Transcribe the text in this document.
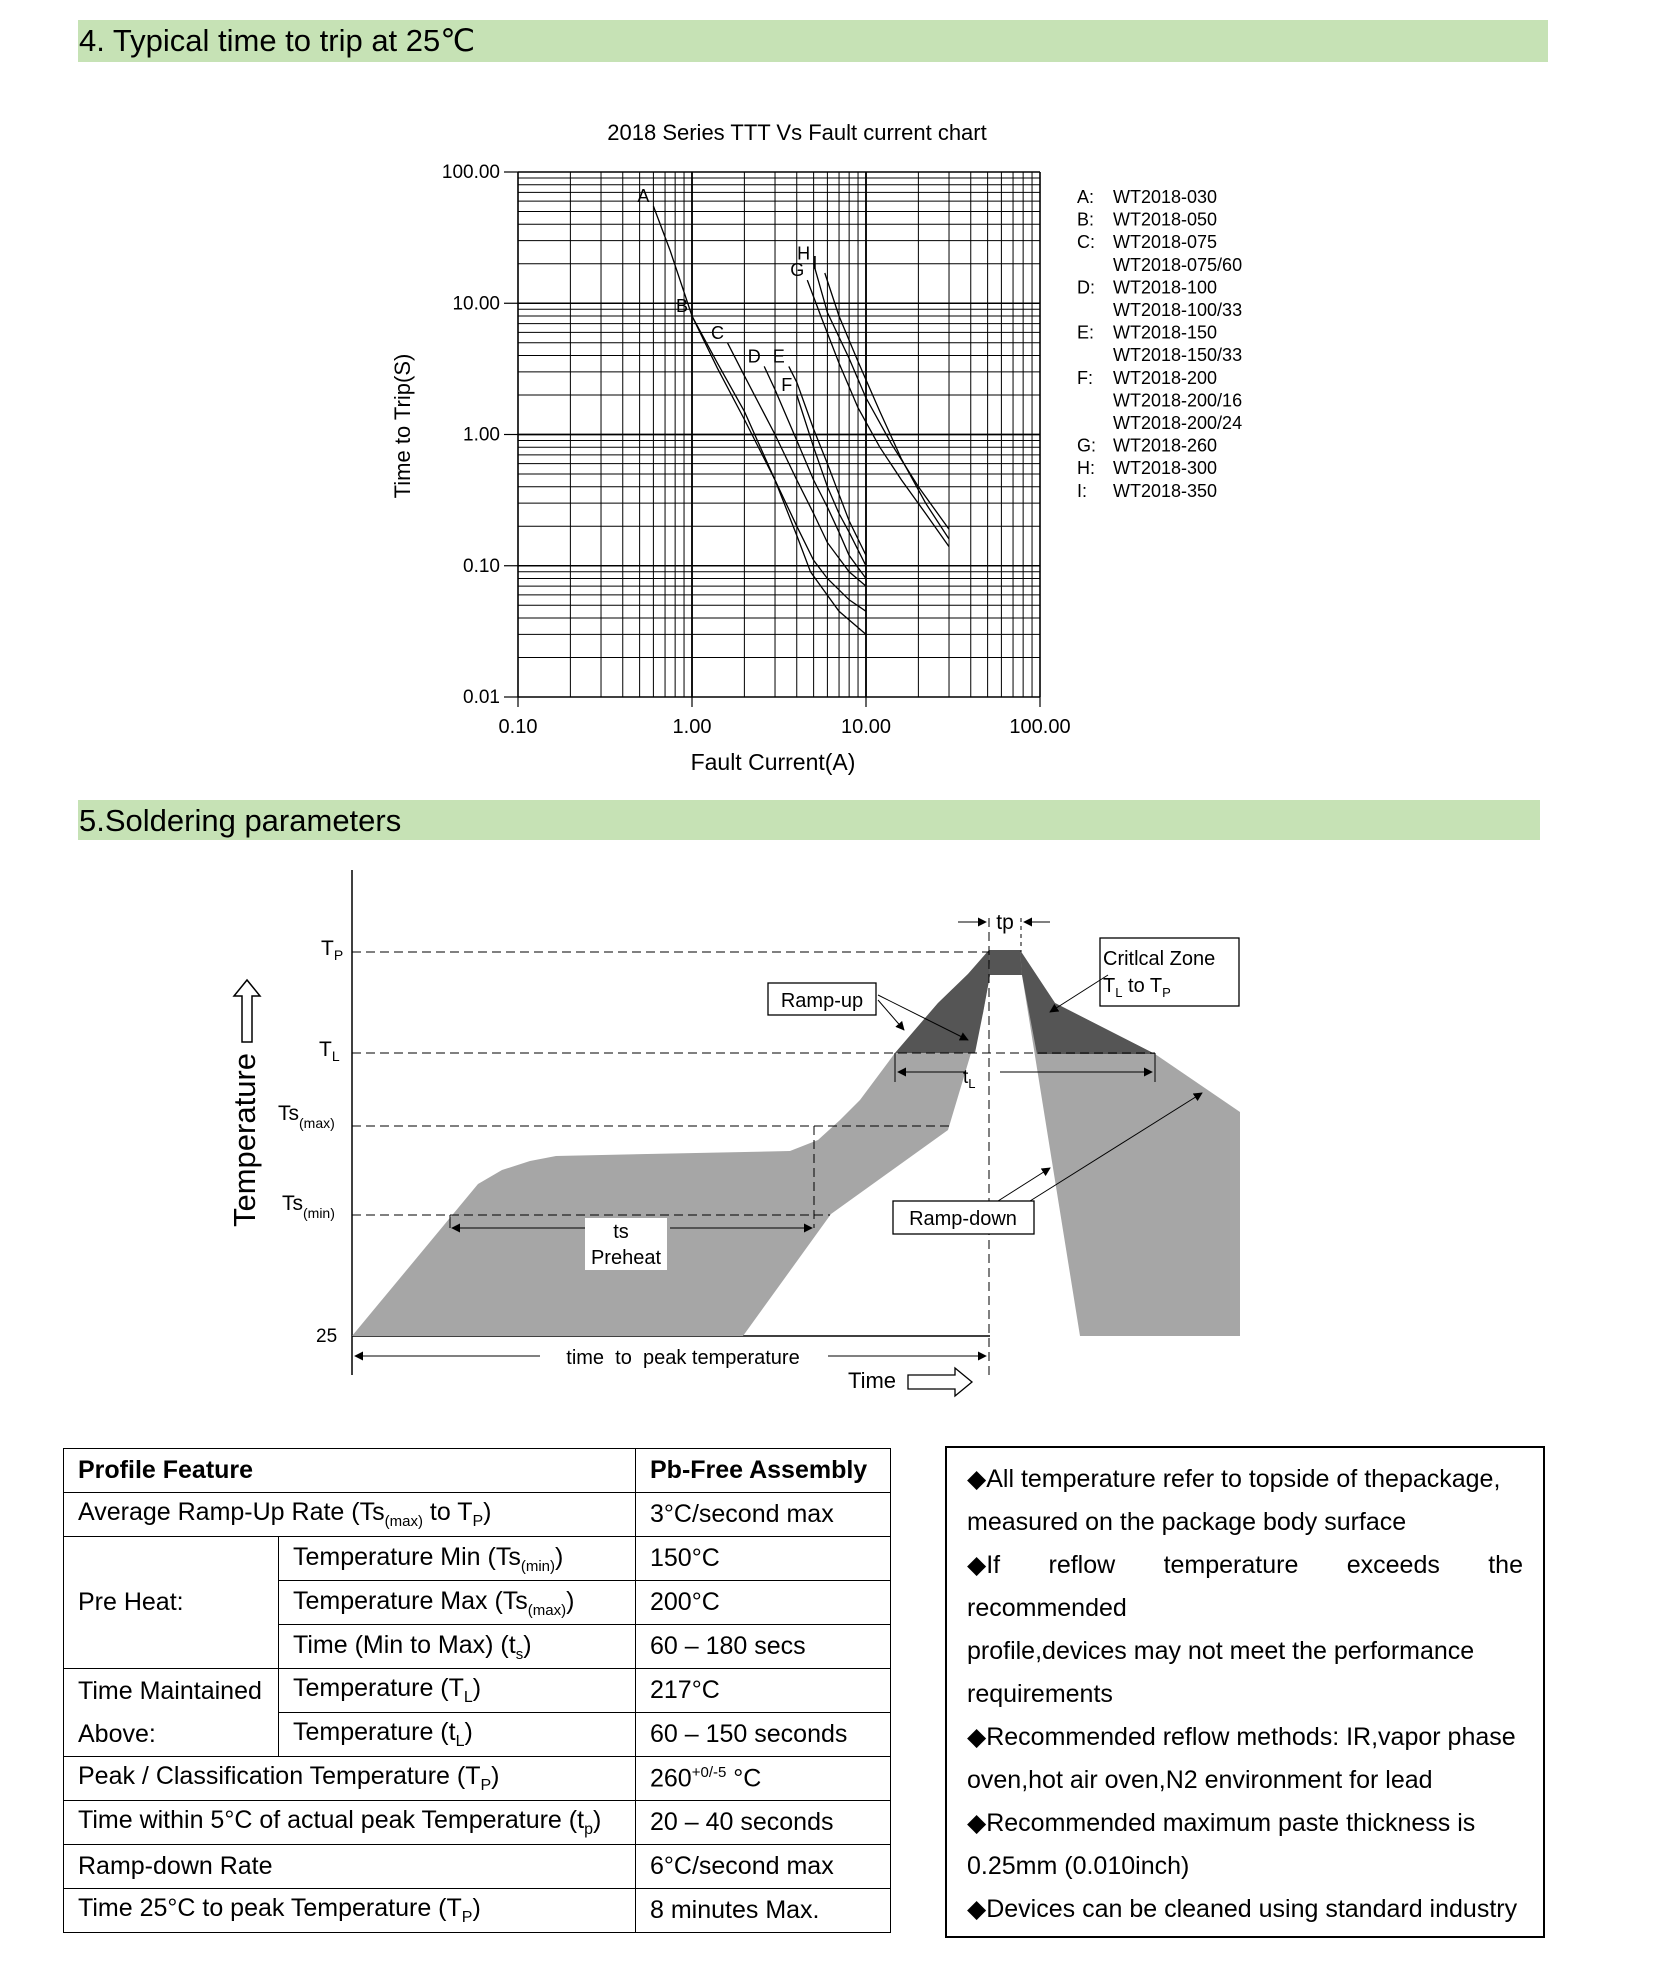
4. Typical time to trip at 25℃
2018 Series TTT Vs Fault current chart
Time to Trip(S)
Fault Current(A)
100.00
10.00
1.00
0.10
0.01
0.10	1.00	10.00	100.00
A
B
C
D E
F
G
H I
A: WT2018-030
B: WT2018-050
C: WT2018-075
WT2018-075/60
D: WT2018-100
WT2018-100/33
E: WT2018-150
WT2018-150/33
F: WT2018-200
WT2018-200/16
WT2018-200/24
G: WT2018-260
H: WT2018-300
I: WT2018-350
5.Soldering parameters
$T_P$
$T_L$
$Ts_{(max)}$
$Ts_{(min)}$
25
Temperature
tp
$t_L$
Ramp-up
Critlcal Zone
$T_L$ to $T_P$
Ramp-down
ts
Preheat
time  to  peak temperature
Time
Profile Feature		Pb-Free Assembly
Average Ramp-Up Rate ($Ts_{(max)}$ to $T_P$)		3°C/second max
Pre Heat:	Temperature Min $(Ts_{(min)})$	150°C
	Temperature Max $(Ts_{(max)})$	200°C
	Time (Min to Max) $(t_s)$	60 – 180 secs

Time Maintained
Above:	Temperature $(T_L)$	217°C
	Temperature $(t_L)$	60 – 150 seconds
Peak / Classification Temperature $(T_P)$		$260^{+0/-5}$ °C
Time within 5°C of actual peak Temperature $(t_p)$		20 – 40 seconds
Ramp-down Rate		6°C/second max
Time 25°C to peak Temperature $(T_P)$		8 minutes Max.

◆All temperature refer to topside of thepackage,

measured on the package body surface

◆If reflow temperature exceeds the

recommended

profile,devices may not meet the performance

requirements

◆Recommended reflow methods: IR,vapor phase

oven,hot air oven,N2 environment for lead

◆Recommended maximum paste thickness is

0.25mm (0.010inch)

◆Devices can be cleaned using standard industry
